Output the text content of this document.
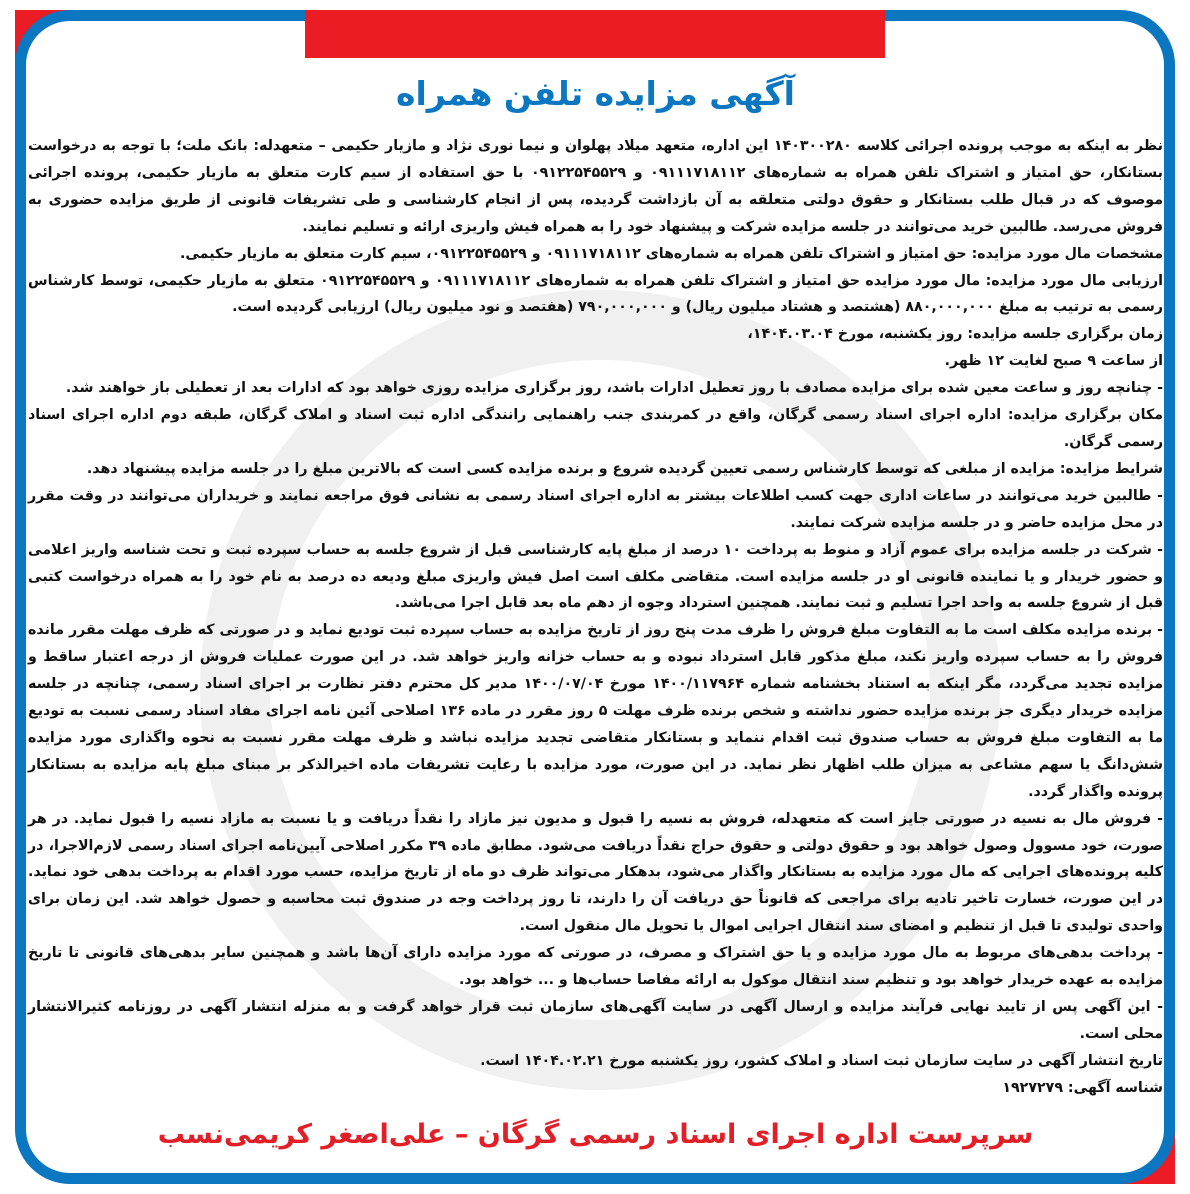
آگهی مزایده تلفن همراه

نظر به اینکه به موجب پرونده اجرائی کلاسه ۱۴۰۳۰۰۲۸۰ این اداره، متعهد میلاد پهلوان و نیما نوری نژاد و مازیار حکیمی – متعهدله: بانک ملت؛ با توجه به درخواست بستانکار، حق امتیاز و اشتراک تلفن همراه به شماره‌های ۰۹۱۱۱۷۱۸۱۱۲ و ۰۹۱۲۲۵۴۵۵۲۹ با حق استفاده از سیم کارت متعلق به مازیار حکیمی، پرونده اجرائی موصوف که در قبال طلب بستانکار و حقوق دولتی متعلقه به آن بازداشت گردیده، پس از انجام کارشناسی و طی تشریفات قانونی از طریق مزایده حضوری به فروش می‌رسد. طالبین خرید می‌توانند در جلسه مزایده شرکت و پیشنهاد خود را به همراه فیش واریزی ارائه و تسلیم نمایند.

مشخصات مال مورد مزایده: حق امتیاز و اشتراک تلفن همراه به شماره‌های ۰۹۱۱۱۷۱۸۱۱۲ و ۰۹۱۲۲۵۴۵۵۲۹، سیم کارت متعلق به مازیار حکیمی.

ارزیابی مال مورد مزایده: مال مورد مزایده حق امتیاز و اشتراک تلفن همراه به شماره‌های ۰۹۱۱۱۷۱۸۱۱۲ و ۰۹۱۲۲۵۴۵۵۲۹ متعلق به مازیار حکیمی، توسط کارشناس رسمی به ترتیب به مبلغ ۸۸۰,۰۰۰,۰۰۰ (هشتصد و هشتاد میلیون ریال) و ۷۹۰,۰۰۰,۰۰۰ (هفتصد و نود میلیون ریال) ارزیابی گردیده است.

زمان برگزاری جلسه مزایده: روز یکشنبه، مورخ ۱۴۰۴.۰۳.۰۴،

از ساعت ۹ صبح لغایت ۱۲ ظهر.

- چنانچه روز و ساعت معین شده برای مزایده مصادف با روز تعطیل ادارات باشد، روز برگزاری مزایده روزی خواهد بود که ادارات بعد از تعطیلی باز خواهند شد.

مکان برگزاری مزایده: اداره اجرای اسناد رسمی گرگان، واقع در کمربندی جنب راهنمایی رانندگی اداره ثبت اسناد و املاک گرگان، طبقه دوم اداره اجرای اسناد رسمی گرگان.

شرایط مزایده: مزایده از مبلغی که توسط کارشناس رسمی تعیین گردیده شروع و برنده مزایده کسی است که بالاترین مبلغ را در جلسه مزایده پیشنهاد دهد.

- طالبین خرید می‌توانند در ساعات اداری جهت کسب اطلاعات بیشتر به اداره اجرای اسناد رسمی به نشانی فوق مراجعه نمایند و خریداران می‌توانند در وقت مقرر در محل مزایده حاضر و در جلسه مزایده شرکت نمایند.

- شرکت در جلسه مزایده برای عموم آزاد و منوط به پرداخت ۱۰ درصد از مبلغ پایه کارشناسی قبل از شروع جلسه به حساب سپرده ثبت و تحت شناسه واریز اعلامی و حضور خریدار و یا نماینده قانونی او در جلسه مزایده است. متقاضی مکلف است اصل فیش واریزی مبلغ ودیعه ده درصد به نام خود را به همراه درخواست کتبی قبل از شروع جلسه به واحد اجرا تسلیم و ثبت نمایند. همچنین استرداد وجوه از دهم ماه بعد قابل اجرا می‌باشد.

- برنده مزایده مکلف است ما به التفاوت مبلغ فروش را ظرف مدت پنج روز از تاریخ مزایده به حساب سپرده ثبت تودیع نماید و در صورتی که ظرف مهلت مقرر مانده فروش را به حساب سپرده واریز نکند، مبلغ مذکور قابل استرداد نبوده و به حساب خزانه واریز خواهد شد. در این صورت عملیات فروش از درجه اعتبار ساقط و مزایده تجدید می‌گردد، مگر اینکه به استناد بخشنامه شماره ۱۴۰۰/۱۱۷۹۶۴ مورخ ۱۴۰۰/۰۷/۰۴ مدیر کل محترم دفتر نظارت بر اجرای اسناد رسمی، چنانچه در جلسه مزایده خریدار دیگری جز برنده مزایده حضور نداشته و شخص برنده ظرف مهلت ۵ روز مقرر در ماده ۱۳۶ اصلاحی آئین نامه اجرای مفاد اسناد رسمی نسبت به تودیع ما به التفاوت مبلغ فروش به حساب صندوق ثبت اقدام ننماید و بستانکار متقاضی تجدید مزایده نباشد و ظرف مهلت مقرر نسبت به نحوه واگذاری مورد مزایده شش‌دانگ یا سهم مشاعی به میزان طلب اظهار نظر نماید. در این صورت، مورد مزایده با رعایت تشریفات ماده اخیرالذکر بر مبنای مبلغ پایه مزایده به بستانکار پرونده واگذار گردد.

- فروش مال به نسیه در صورتی جایز است که متعهدله، فروش به نسیه را قبول و مدیون نیز مازاد را نقداً دریافت و یا نسبت به مازاد نسیه را قبول نماید. در هر صورت، خود مسوول وصول خواهد بود و حقوق دولتی و حقوق حراج نقداً دریافت می‌شود. مطابق ماده ۳۹ مکرر اصلاحی آیین‌نامه اجرای اسناد رسمی لازم‌الاجرا، در کلیه پرونده‌های اجرایی که مال مورد مزایده به بستانکار واگذار می‌شود، بدهکار می‌تواند ظرف دو ماه از تاریخ مزایده، حسب مورد اقدام به پرداخت بدهی خود نماید. در این صورت، خسارت تاخیر تادیه برای مراجعی که قانوناً حق دریافت آن را دارند، تا روز پرداخت وجه در صندوق ثبت محاسبه و حصول خواهد شد. این زمان برای واحدی تولیدی تا قبل از تنظیم و امضای سند انتقال اجرایی اموال یا تحویل مال منقول است.

- پرداخت بدهی‌های مربوط به مال مورد مزایده و یا حق اشتراک و مصرف، در صورتی که مورد مزایده دارای آن‌ها باشد و همچنین سایر بدهی‌های قانونی تا تاریخ مزایده به عهده خریدار خواهد بود و تنظیم سند انتقال موکول به ارائه مفاصا حساب‌ها و ... خواهد بود.

- این آگهی پس از تایید نهایی فرآیند مزایده و ارسال آگهی در سایت آگهی‌های سازمان ثبت قرار خواهد گرفت و به منزله انتشار آگهی در روزنامه کثیرالانتشار محلی است.

تاریخ انتشار آگهی در سایت سازمان ثبت اسناد و املاک کشور، روز یکشنبه مورخ ۱۴۰۴.۰۲.۲۱ است.

شناسه آگهی: ۱۹۲۷۲۷۹

سرپرست اداره اجرای اسناد رسمی گرگان – علی‌اصغر کریمی‌نسب
